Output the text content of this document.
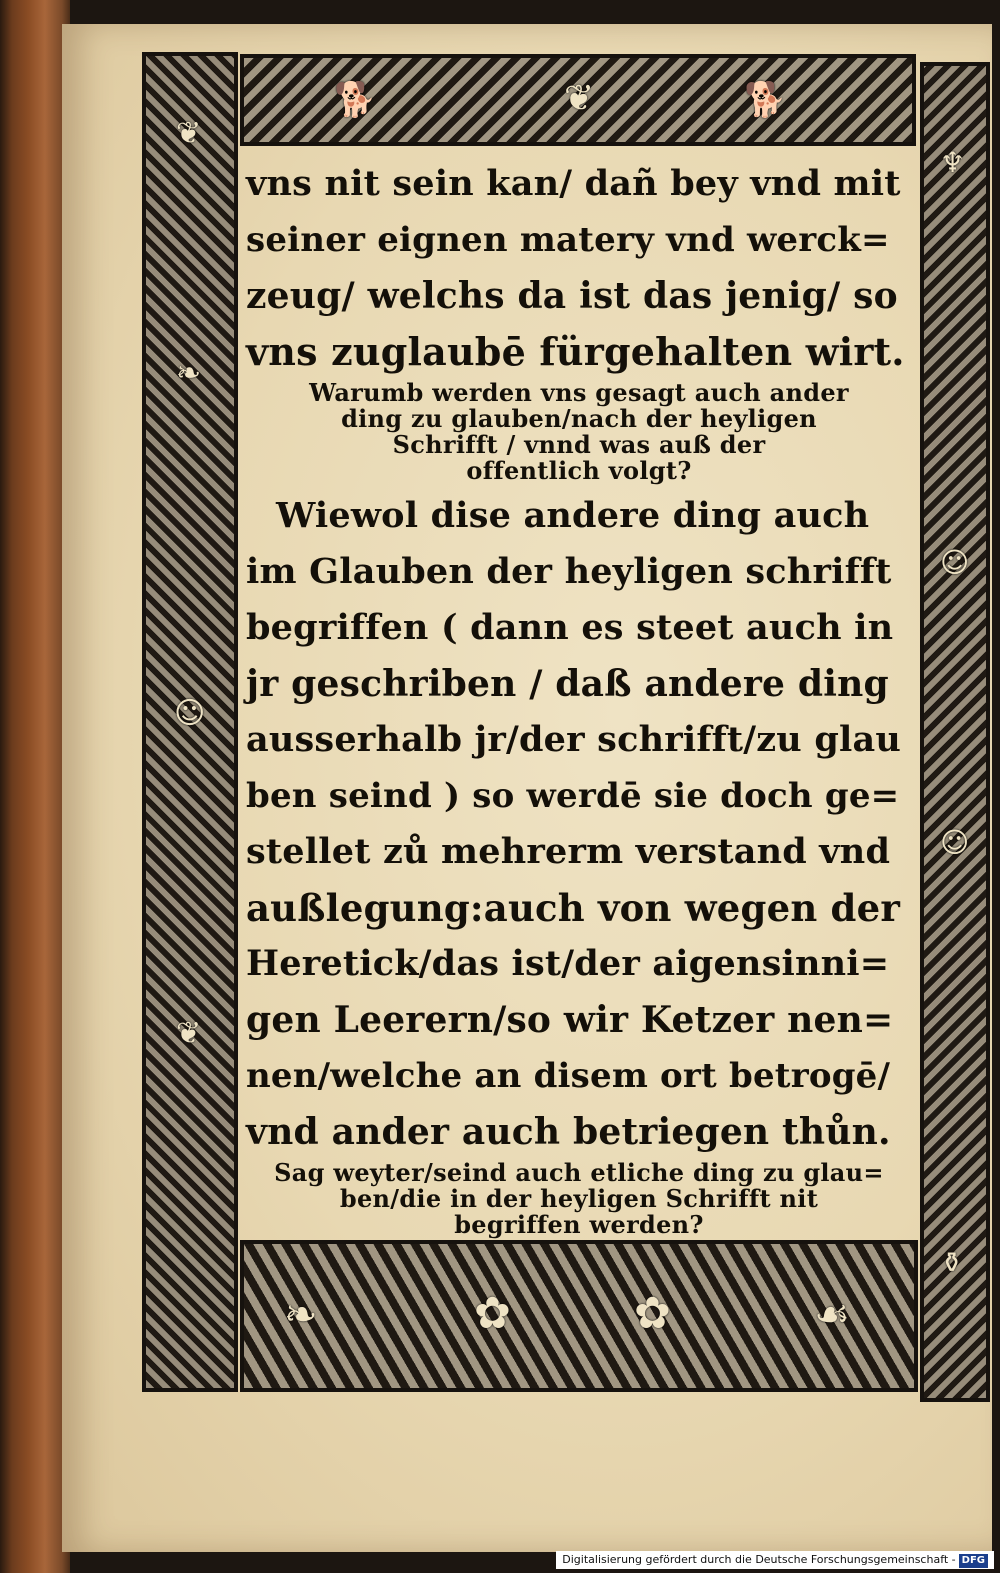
❦
❧
☺
❦
♆
☺
☺
⚱
🐕	❦	🐕
❧	✿	✿	☙
vns nit sein kan/ dañ bey vnd mit
seiner eignen matery vnd werck=
zeug/ welchs da ist das jenig/ so
vns zuglaubē fürgehalten wirt.
Warumb werden vns gesagt auch ander
ding zu glauben/nach der heyligen
Schrifft / vnnd was auß der
offentlich volgt?
Wiewol dise andere ding auch
im Glauben der heyligen schrifft
begriffen ( dann es steet auch in
jr geschriben / daß andere ding
ausserhalb jr/der schrifft/zu glau
ben seind ) so werdē sie doch ge=
stellet zů mehrerm verstand vnd
außlegung:auch von wegen der
Heretick/das ist/der aigensinni=
gen Leerern/so wir Ketzer nen=
nen/welche an disem ort betrogē/
vnd ander auch betriegen thůn.
Sag weyter/seind auch etliche ding zu glau=
ben/die in der heyligen Schrifft nit
begriffen werden?
Digitalisierung gefördert durch die Deutsche Forschungsgemeinschaft - DFG
